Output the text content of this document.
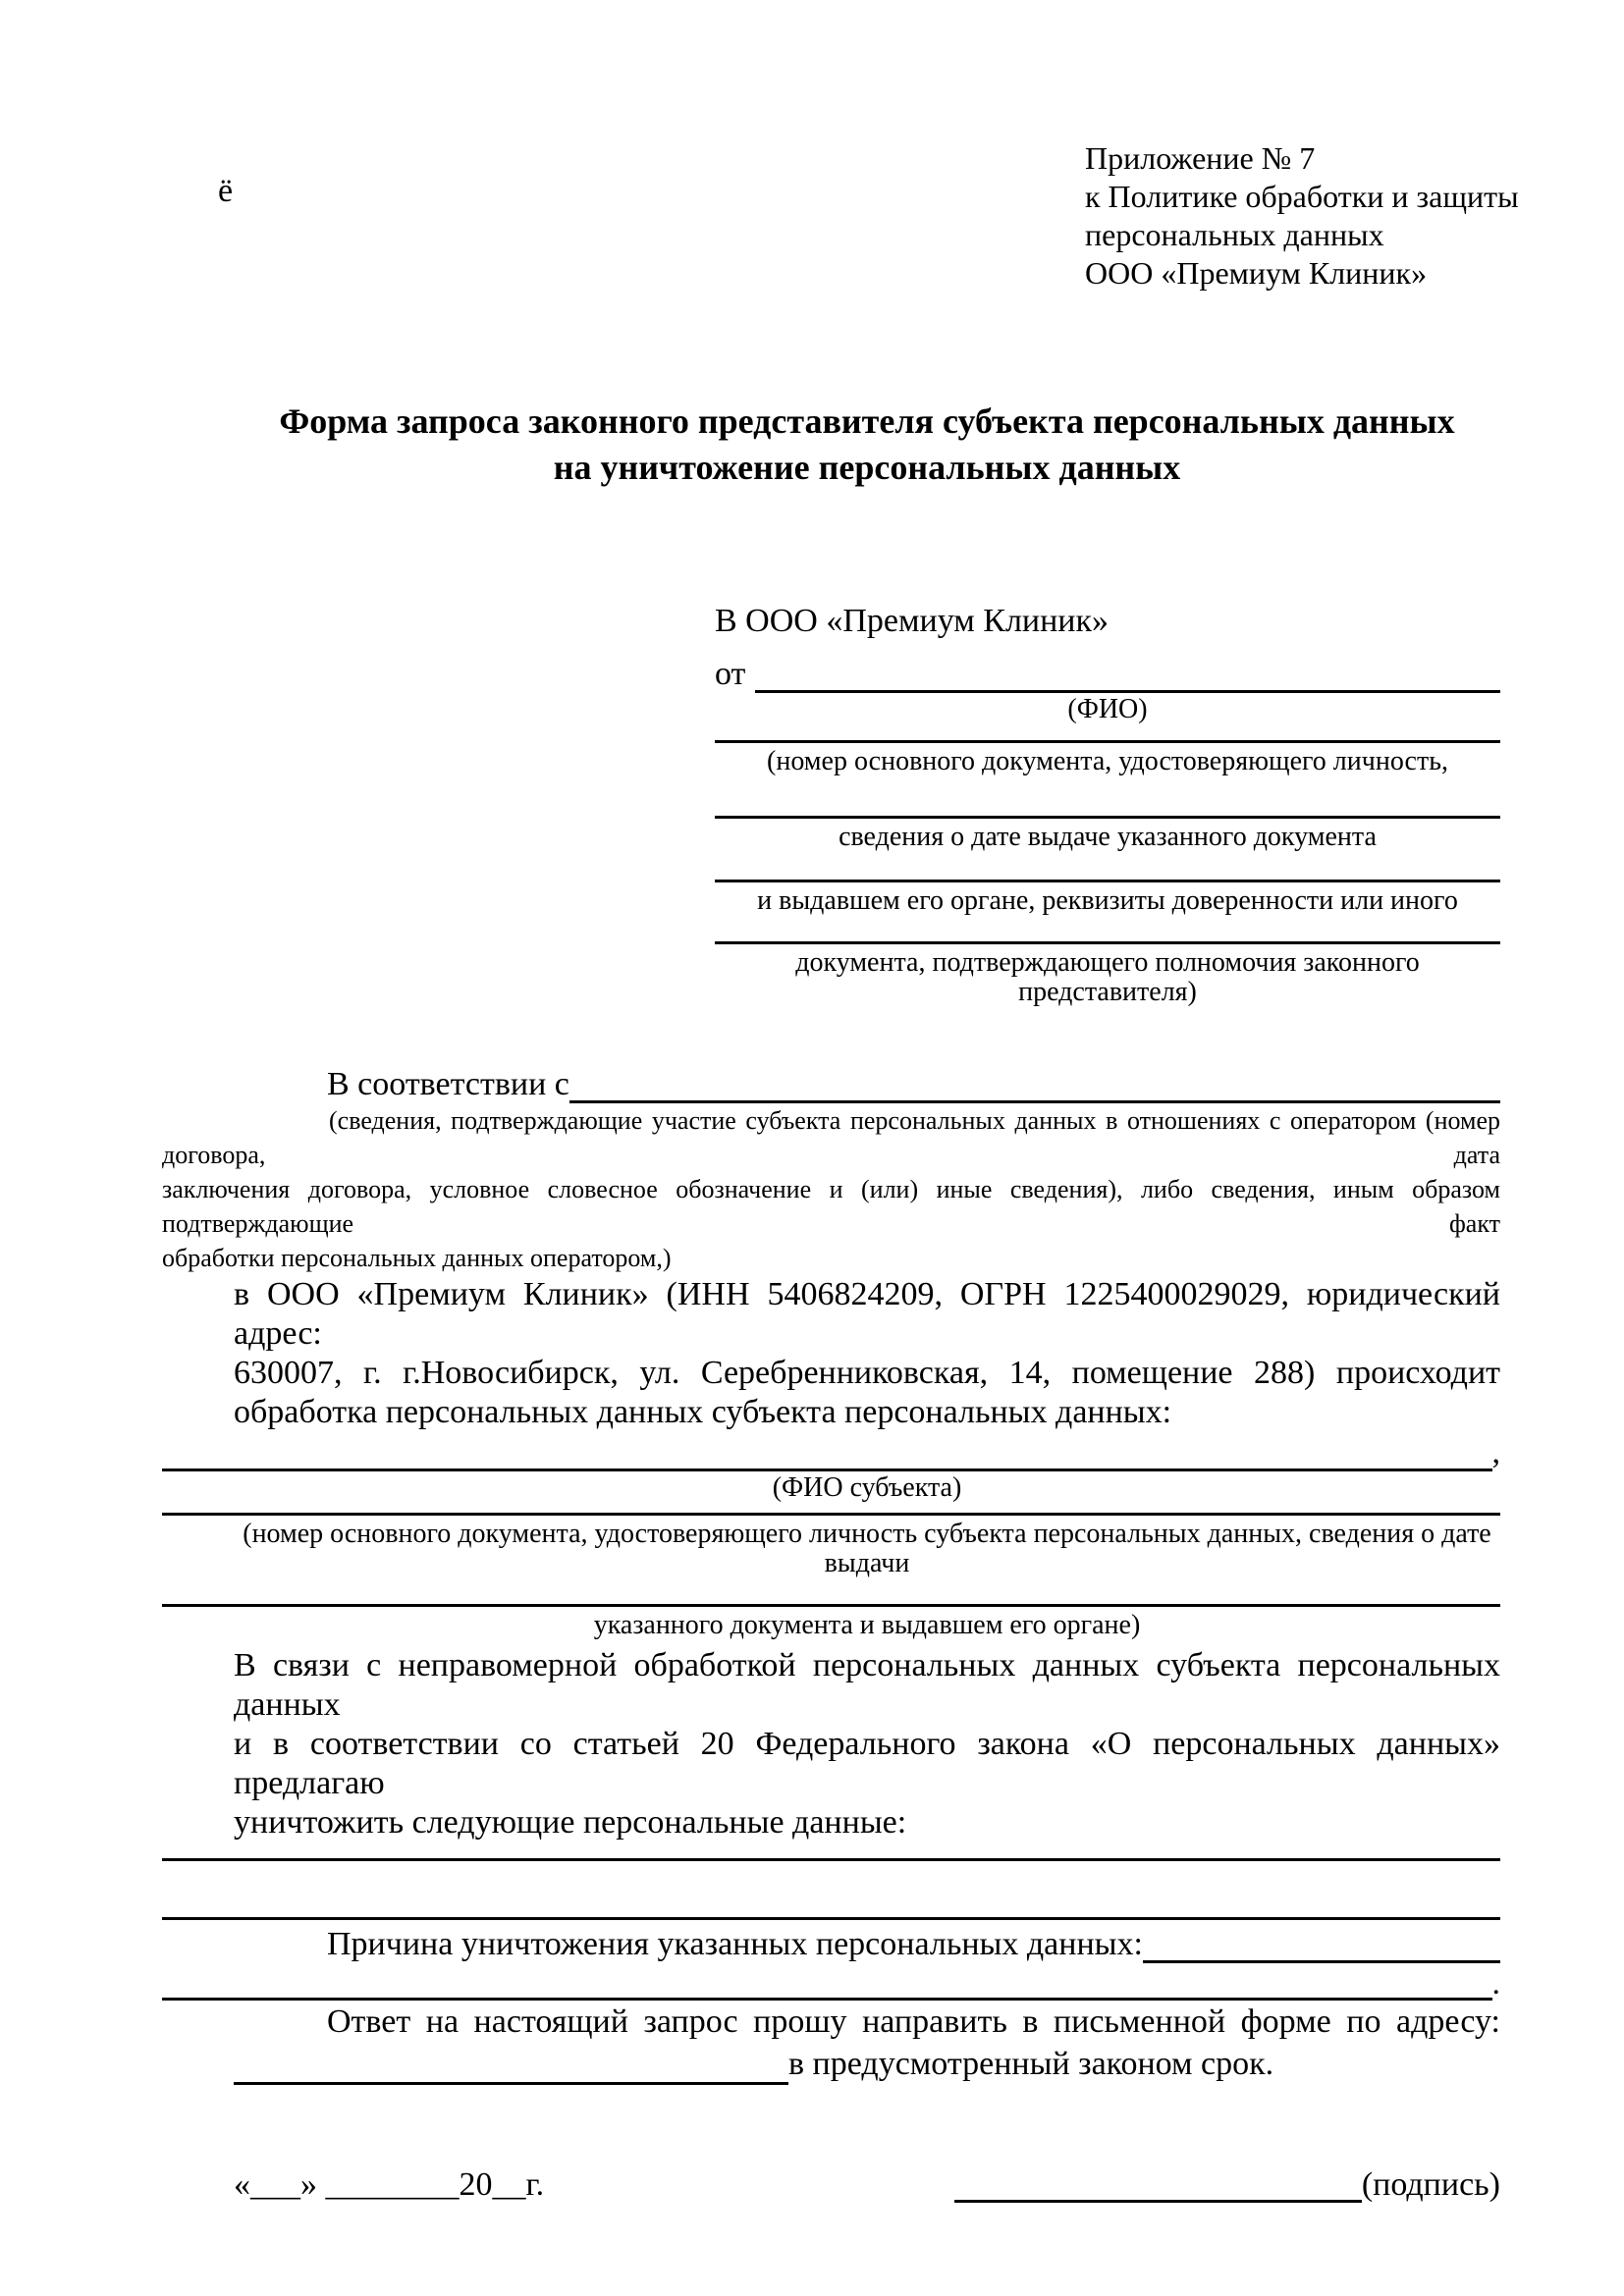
ё
Приложение № 7
к Политике обработки и защиты
персональных данных
ООО «Премиум Клиник»
Форма запроса законного представителя субъекта персональных данных
на уничтожение персональных данных
В ООО «Премиум Клиник»
от
(ФИО)
(номер основного документа, удостоверяющего личность,
сведения о дате выдаче указанного документа
и выдавшем его органе, реквизиты доверенности или иного
документа, подтверждающего полномочия законного представителя)
В соответствии с
(сведения, подтверждающие участие субъекта персональных данных в отношениях с оператором (номер договора, дата
заключения договора, условное словесное обозначение и (или) иные сведения), либо сведения, иным образом подтверждающие факт
обработки персональных данных оператором,)
в ООО «Премиум Клиник» (ИНН 5406824209, ОГРН 1225400029029, юридический адрес:
630007, г. г.Новосибирск, ул. Серебренниковская, 14, помещение 288) происходит
обработка персональных данных субъекта персональных данных:
,
(ФИО субъекта)
(номер основного документа, удостоверяющего личность субъекта персональных данных, сведения о дате выдачи
указанного документа и выдавшем его органе)
В связи с неправомерной обработкой персональных данных субъекта персональных данных
и в соответствии со статьей 20 Федерального закона «О персональных данных» предлагаю
уничтожить следующие персональные данные:
Причина уничтожения указанных персональных данных:
.
Ответ на настоящий запрос прошу направить в письменной форме по адресу:
в предусмотренный законом срок.
«___» ________20__г.	(подпись)
